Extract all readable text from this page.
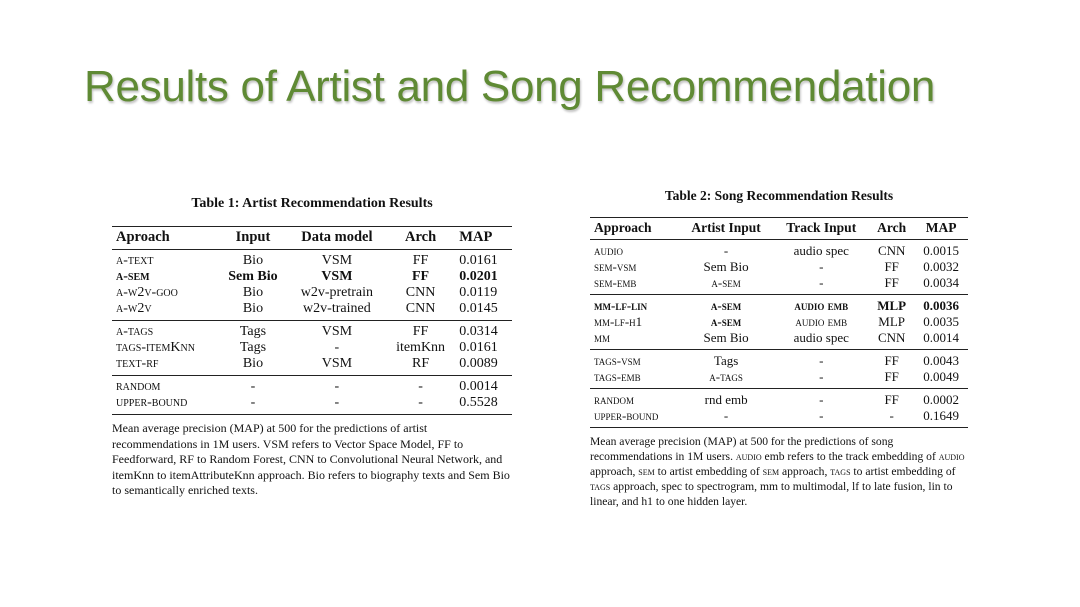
Results of Artist and Song Recommendation
Table 1: Artist Recommendation Results
Aproach	Input	Data model	Arch	MAP
a-text	Bio	VSM	FF	0.0161
a-sem	Sem Bio	VSM	FF	0.0201
a-w2v-goo	Bio	w2v-pretrain	CNN	0.0119
a-w2v	Bio	w2v-trained	CNN	0.0145
a-tags	Tags	VSM	FF	0.0314
tags-itemKnn	Tags	-	itemKnn	0.0161
text-rf	Bio	VSM	RF	0.0089
random	-	-	-	0.0014
upper-bound	-	-	-	0.5528
Mean average precision (MAP) at 500 for the predictions of artist recommendations in 1M users. VSM refers to Vector Space Model, FF to Feedforward, RF to Random Forest, CNN to Convolutional Neural Network, and itemKnn to itemAttributeKnn approach. Bio refers to biography texts and Sem Bio to semantically enriched texts.
Table 2: Song Recommendation Results
Approach	Artist Input	Track Input	Arch	MAP
audio	-	audio spec	CNN	0.0015
sem-vsm	Sem Bio	-	FF	0.0032
sem-emb	a-sem	-	FF	0.0034
mm-lf-lin	a-sem	audio emb	MLP	0.0036
mm-lf-h1	a-sem	audio emb	MLP	0.0035
mm	Sem Bio	audio spec	CNN	0.0014
tags-vsm	Tags	-	FF	0.0043
tags-emb	a-tags	-	FF	0.0049
random	rnd emb	-	FF	0.0002
upper-bound	-	-	-	0.1649
Mean average precision (MAP) at 500 for the predictions of song recommendations in 1M users. audio emb refers to the track embedding of audio approach, sem to artist embedding of sem approach, tags to artist embedding of tags approach, spec to spectrogram, mm to multimodal, lf to late fusion, lin to linear, and h1 to one hidden layer.
